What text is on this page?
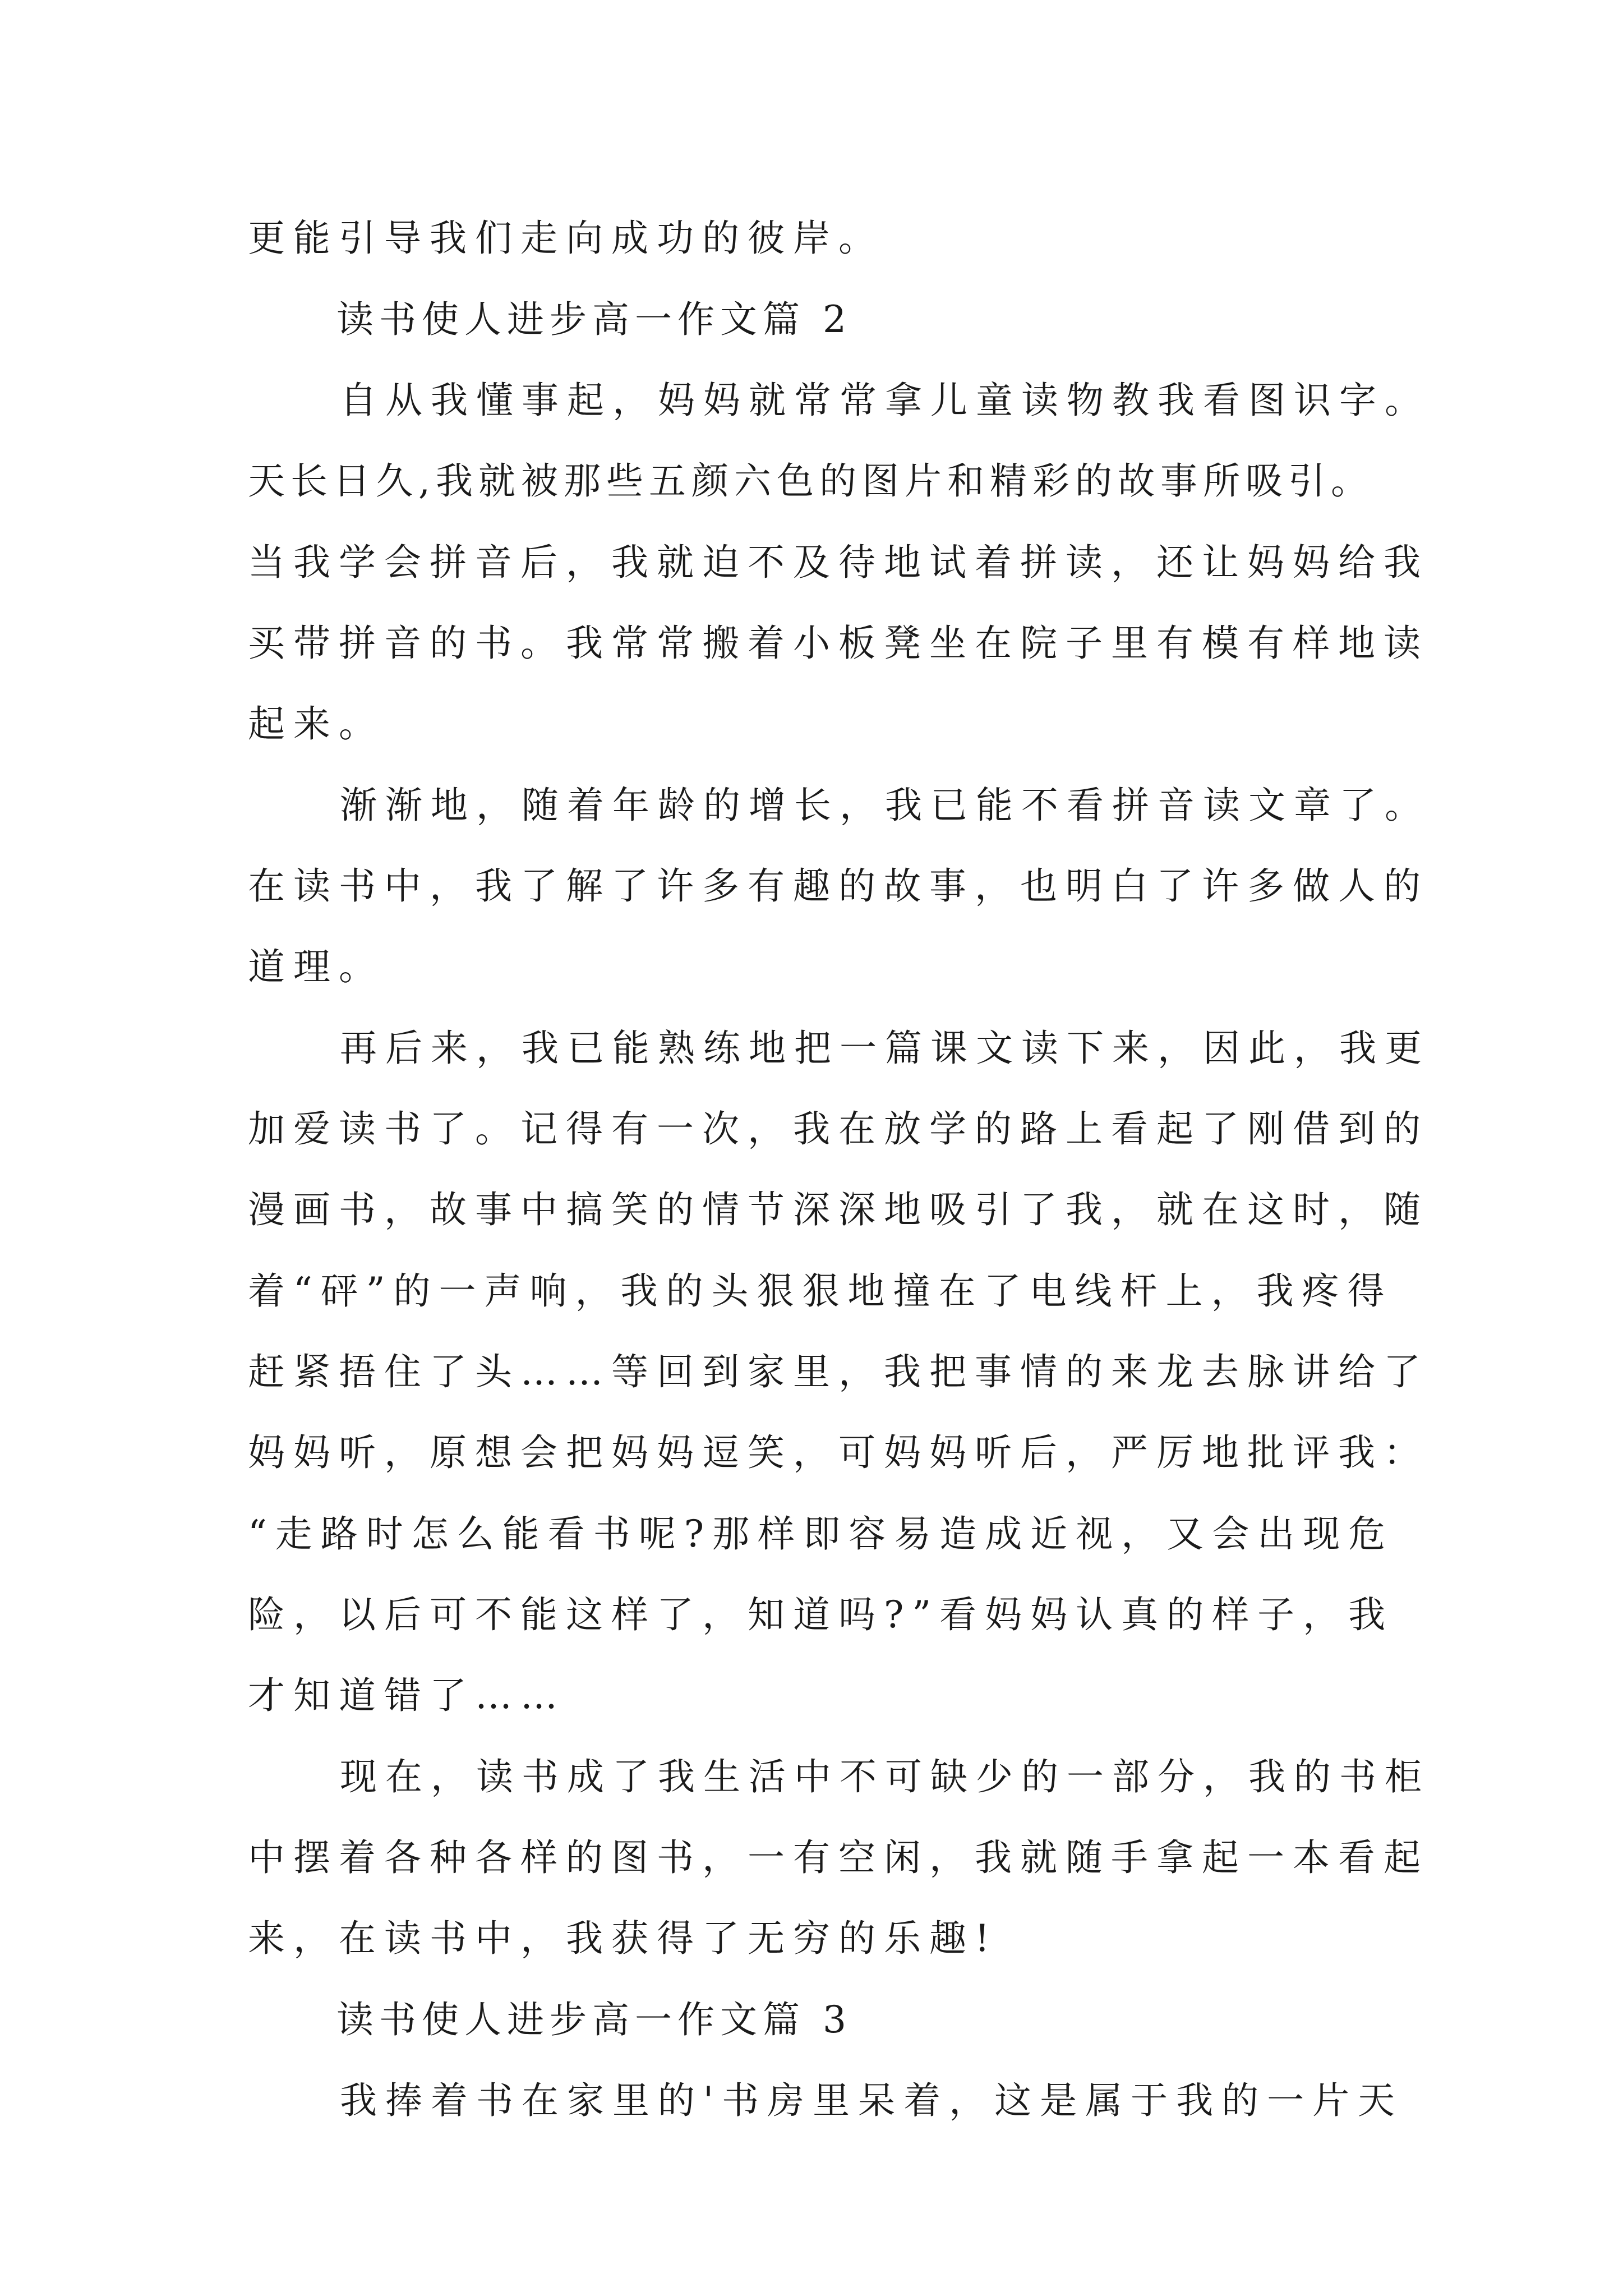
更能引导我们走向成功的彼岸。
读书使人进步高一作文篇 2
自从我懂事起，妈妈就常常拿儿童读物教我看图识字。
天长日久,我就被那些五颜六色的图片和精彩的故事所吸引。
当我学会拼音后，我就迫不及待地试着拼读，还让妈妈给我
买带拼音的书。我常常搬着小板凳坐在院子里有模有样地读
起来。
渐渐地，随着年龄的增长，我已能不看拼音读文章了。
在读书中，我了解了许多有趣的故事，也明白了许多做人的
道理。
再后来，我已能熟练地把一篇课文读下来，因此，我更
加爱读书了。记得有一次，我在放学的路上看起了刚借到的
漫画书，故事中搞笑的情节深深地吸引了我，就在这时，随
着“砰”的一声响，我的头狠狠地撞在了电线杆上，我疼得
赶紧捂住了头……等回到家里，我把事情的来龙去脉讲给了
妈妈听，原想会把妈妈逗笑，可妈妈听后，严厉地批评我：
“走路时怎么能看书呢?那样即容易造成近视，又会出现危
险，以后可不能这样了，知道吗?”看妈妈认真的样子，我
才知道错了……
现在，读书成了我生活中不可缺少的一部分，我的书柜
中摆着各种各样的图书，一有空闲，我就随手拿起一本看起
来，在读书中，我获得了无穷的乐趣!
读书使人进步高一作文篇 3
我捧着书在家里的'书房里呆着，这是属于我的一片天
